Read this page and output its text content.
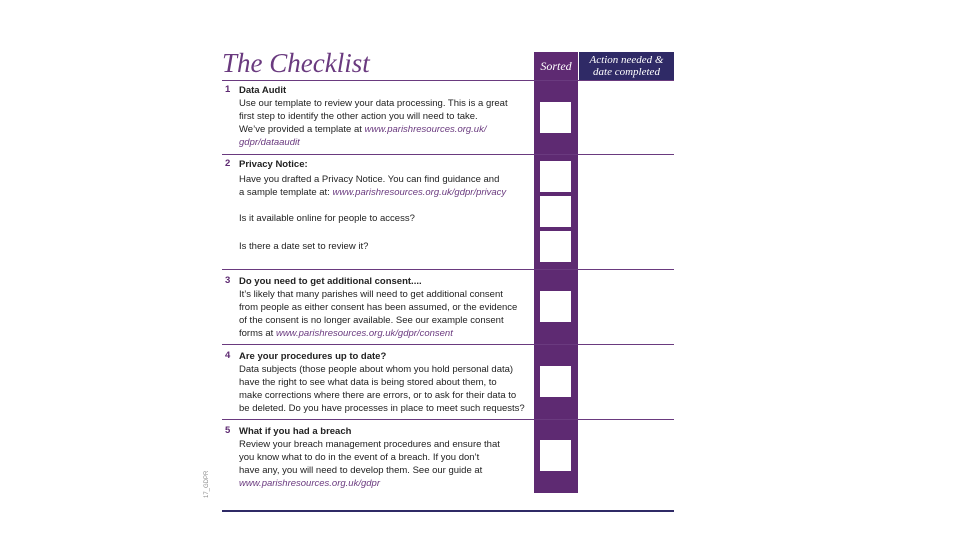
The Checklist	Sorted	Action needed &
date completed
1 Data Audit
Use our template to review your data processing. This is a great
first step to identify the other action you will need to take.
We’ve provided a template at www.parishresources.org.uk/
gdpr/dataaudit
2 Privacy Notice:
Have you drafted a Privacy Notice. You can find guidance and
a sample template at: www.parishresources.org.uk/gdpr/privacy
Is it available online for people to access?
Is there a date set to review it?
3 Do you need to get additional consent....
It’s likely that many parishes will need to get additional consent
from people as either consent has been assumed, or the evidence
of the consent is no longer available. See our example consent
forms at www.parishresources.org.uk/gdpr/consent
4 Are your procedures up to date?
Data subjects (those people about whom you hold personal data)
have the right to see what data is being stored about them, to
make corrections where there are errors, or to ask for their data to
be deleted. Do you have processes in place to meet such requests?
5 What if you had a breach
Review your breach management procedures and ensure that
you know what to do in the event of a breach. If you don’t
have any, you will need to develop them. See our guide at
www.parishresources.org.uk/gdpr
17_GDPR
